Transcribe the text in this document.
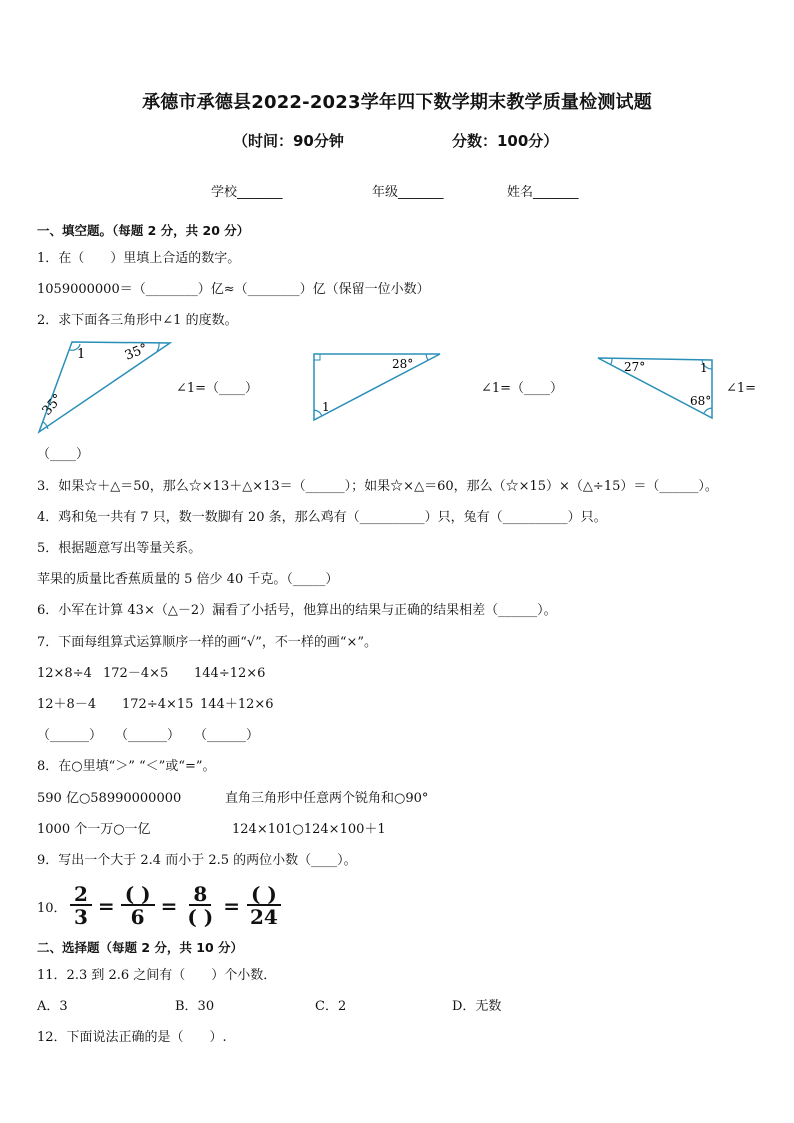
承德市承德县2022-2023学年四下数学期末教学质量检测试题
（时间：90分钟	分数：100分）
学校_______	年级_______	姓名_______
一、填空题。（每题 2 分，共 20 分）
1．在（　　）里填上合适的数字。
1059000000＝（________）亿≈（________）亿（保留一位小数）
2．求下面各三角形中∠1 的度数。
1	35°
35°
∠1=（____）
28°
1
∠1=（____）
27°	1
68°
∠1=
（____）
3．如果☆＋△＝50，那么☆×13＋△×13＝（______）；如果☆×△＝60，那么（☆×15）×（△÷15）＝（______）。
4．鸡和兔一共有 7 只，数一数脚有 20 条，那么鸡有（__________）只，兔有（__________）只。
5．根据题意写出等量关系。
苹果的质量比香蕉质量的 5 倍少 40 千克。（_____）
6．小军在计算 43×（△－2）漏看了小括号，他算出的结果与正确的结果相差（______）。
7．下面每组算式运算顺序一样的画“√”，不一样的画“×”。
12×8÷4 172－4×5 144÷12×6
12＋8－4 172÷4×15 144＋12×6
（______） （______） （______）
8．在○里填“＞” “＜”或“=”。
590 亿○58990000000	直角三角形中任意两个锐角和○90°
1000 个一万○一亿	124×101○124×100＋1
9．写出一个大于 2.4 而小于 2.5 的两位小数（____）。
10． $\frac{2}{3}$ = ( )
6 = 8
( ) = ( )
24
二、选择题（每题 2 分，共 10 分）
11．2.3 到 2.6 之间有（　　）个小数．
A．3	B．30	C．2	D．无数
12．下面说法正确的是（　　）.
